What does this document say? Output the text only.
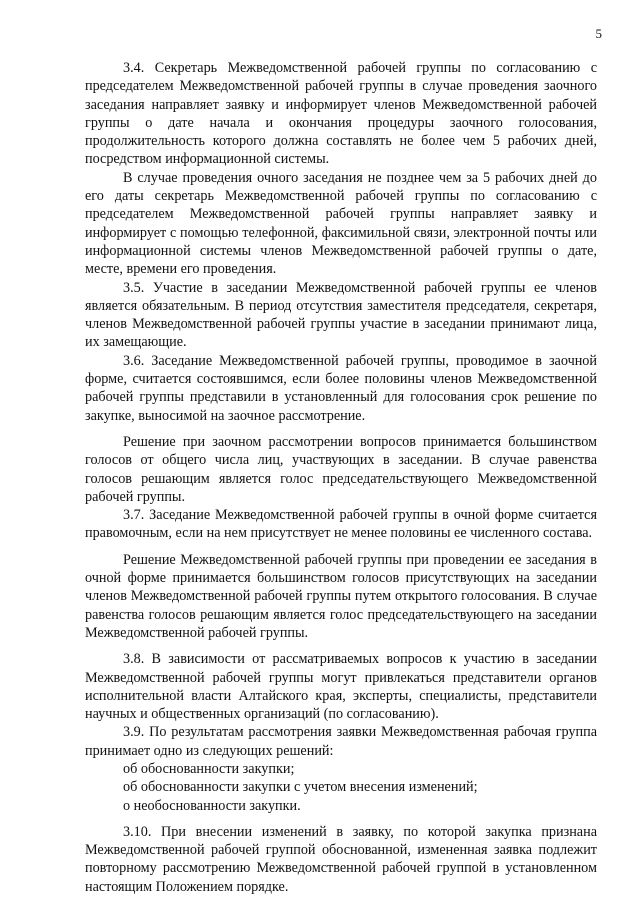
5

3.4. Секретарь Межведомственной рабочей группы по согласованию с председателем Межведомственной рабочей группы в случае проведения заочного заседания направляет заявку и информирует членов Межведомственной рабочей группы о дате начала и окончания процедуры заочного голосования, продолжительность которого должна составлять не более чем 5 рабочих дней, посредством информационной системы.

В случае проведения очного заседания не позднее чем за 5 рабочих дней до его даты секретарь Межведомственной рабочей группы по согласованию с председателем Межведомственной рабочей группы направляет заявку и информирует с помощью телефонной, факсимильной связи, электронной почты или информационной системы членов Межведомственной рабочей группы о дате, месте, времени его проведения.

3.5. Участие в заседании Межведомственной рабочей группы ее членов является обязательным. В период отсутствия заместителя председателя, секретаря, членов Межведомственной рабочей группы участие в заседании принимают лица, их замещающие.

3.6. Заседание Межведомственной рабочей группы, проводимое в заочной форме, считается состоявшимся, если более половины членов Межведомственной рабочей группы представили в установленный для голосования срок решение по закупке, выносимой на заочное рассмотрение.

Решение при заочном рассмотрении вопросов принимается большинством голосов от общего числа лиц, участвующих в заседании. В случае равенства голосов решающим является голос председательствующего Межведомственной рабочей группы.

3.7. Заседание Межведомственной рабочей группы в очной форме считается правомочным, если на нем присутствует не менее половины ее численного состава.

Решение Межведомственной рабочей группы при проведении ее заседания в очной форме принимается большинством голосов присутствующих на заседании членов Межведомственной рабочей группы путем открытого голосования. В случае равенства голосов решающим является голос председательствующего на заседании Межведомственной рабочей группы.

3.8. В зависимости от рассматриваемых вопросов к участию в заседании Межведомственной рабочей группы могут привлекаться представители органов исполнительной власти Алтайского края, эксперты, специалисты, представители научных и общественных организаций (по согласованию).

3.9. По результатам рассмотрения заявки Межведомственная рабочая группа принимает одно из следующих решений:

об обоснованности закупки;

об обоснованности закупки с учетом внесения изменений;

о необоснованности закупки.

3.10. При внесении изменений в заявку, по которой закупка признана Межведомственной рабочей группой обоснованной, измененная заявка подлежит повторному рассмотрению Межведомственной рабочей группой в установленном настоящим Положением порядке.
